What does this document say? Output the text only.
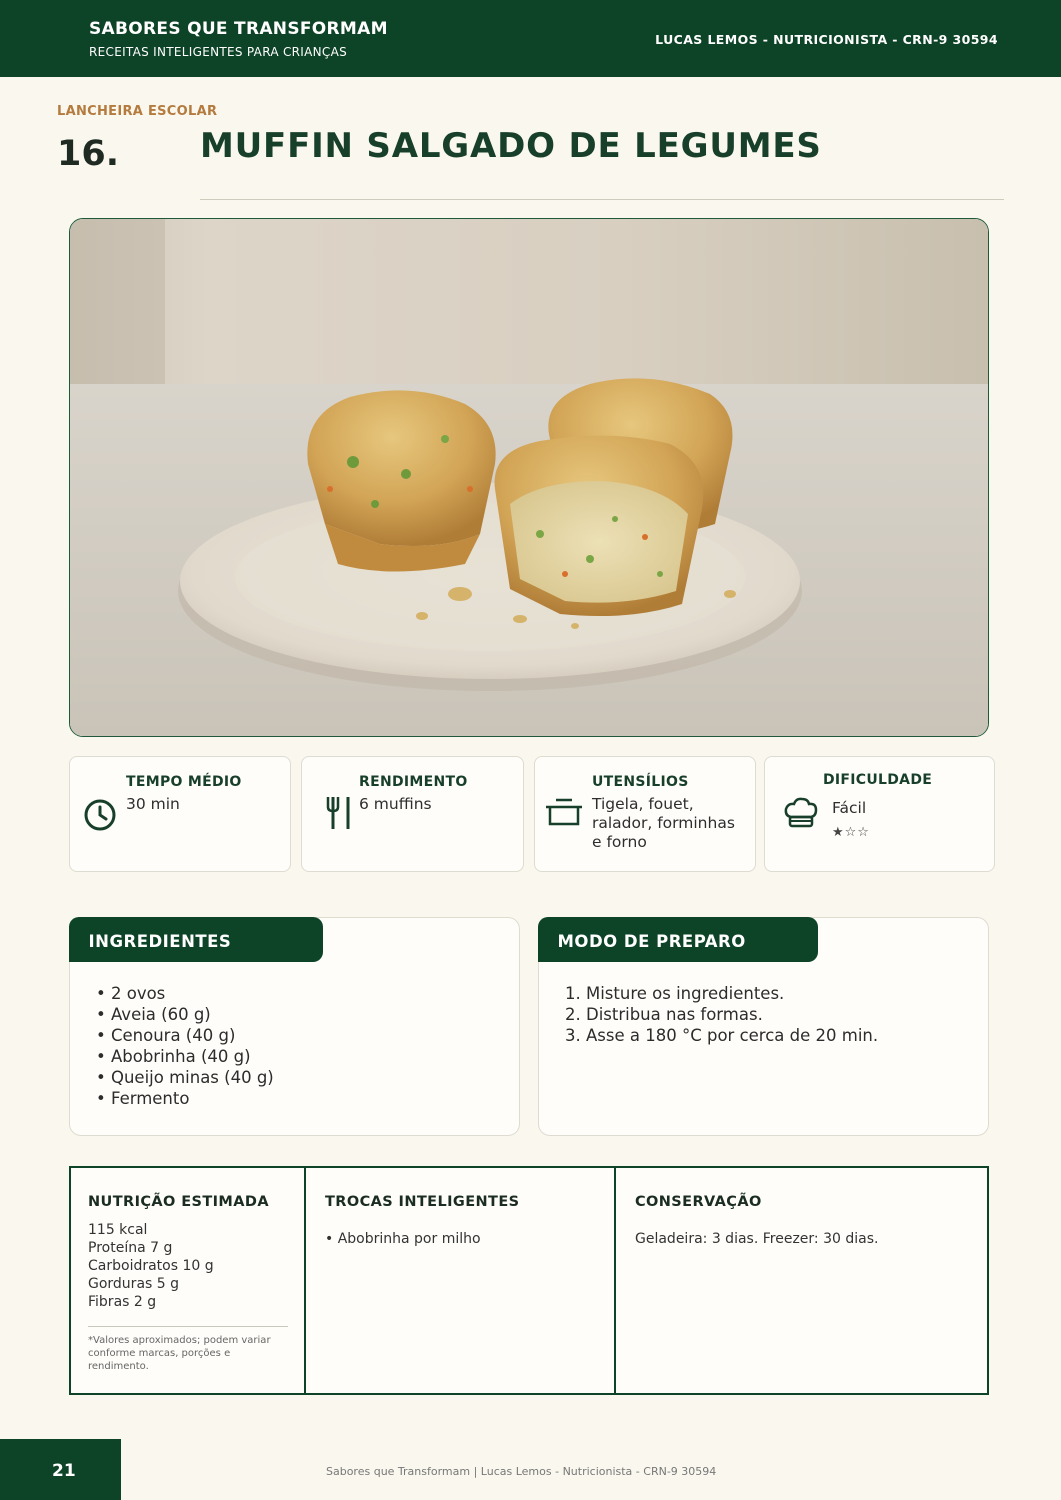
SABORES QUE TRANSFORMAM
RECEITAS INTELIGENTES PARA CRIANÇAS
LUCAS LEMOS - NUTRICIONISTA - CRN-9 30594
LANCHEIRA ESCOLAR
16. MUFFIN SALGADO DE LEGUMES
TEMPO MÉDIO
30 min
RENDIMENTO
6 muffins
UTENSÍLIOS
Tigela, fouet,
ralador, forminhas
e forno
DIFICULDADE
Fácil
★☆☆
INGREDIENTES
• 2 ovos
• Aveia (60 g)
• Cenoura (40 g)
• Abobrinha (40 g)
• Queijo minas (40 g)
• Fermento
MODO DE PREPARO
1. Misture os ingredientes.
2. Distribua nas formas.
3. Asse a 180 °C por cerca de 20 min.
NUTRIÇÃO ESTIMADA
115 kcal
Proteína 7 g
Carboidratos 10 g
Gorduras 5 g
Fibras 2 g
*Valores aproximados; podem variar
conforme marcas, porções e
rendimento.
TROCAS INTELIGENTES
• Abobrinha por milho
CONSERVAÇÃO
Geladeira: 3 dias. Freezer: 30 dias.
21	Sabores que Transformam | Lucas Lemos - Nutricionista - CRN-9 30594
